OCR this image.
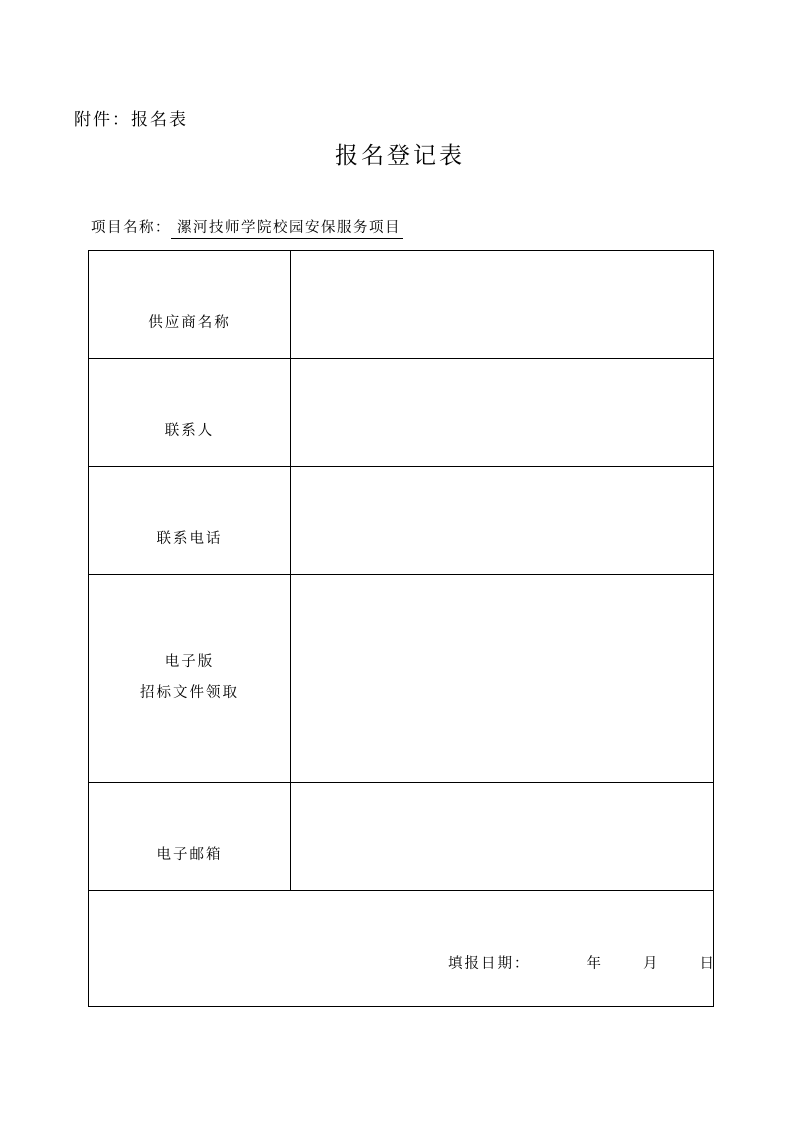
附件：报名表
报名登记表
项目名称： 漯河技师学院校园安保服务项目
供应商名称	

联系人	

联系电话	

电子版
招标文件领取	

电子邮箱	

填报日期： 年 月 日	
